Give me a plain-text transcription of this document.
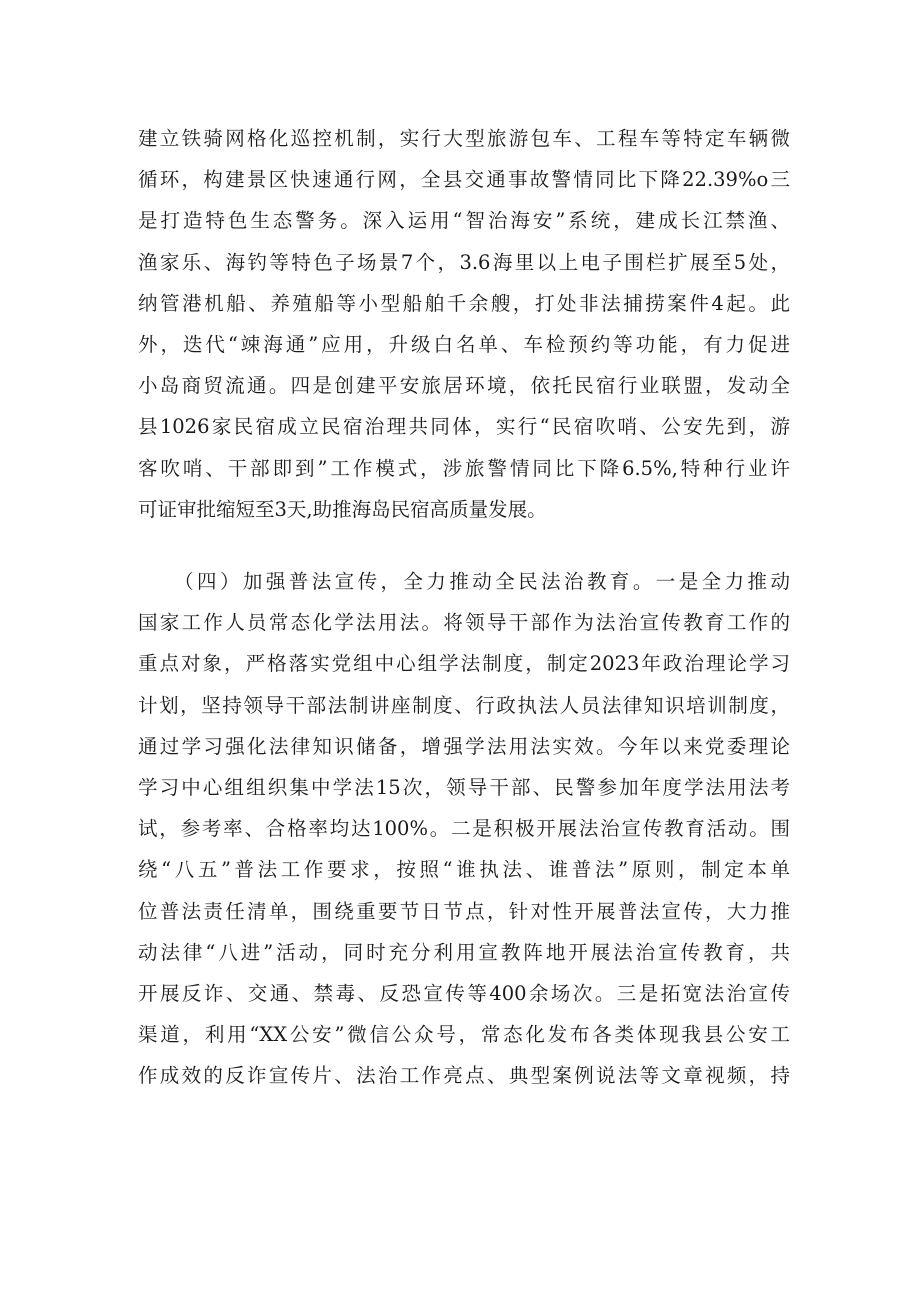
建立铁骑网格化巡控机制，实行大型旅游包车、工程车等特定车辆微
循环，构建景区快速通行网，全县交通事故警情同比下降22.39%o三
是打造特色生态警务。深入运用“智治海安”系统，建成长江禁渔、
渔家乐、海钓等特色子场景7个，3.6海里以上电子围栏扩展至5处，
纳管港机船、养殖船等小型船舶千余艘，打处非法捕捞案件4起。此
外，迭代“竦海通”应用，升级白名单、车检预约等功能，有力促进
小岛商贸流通。四是创建平安旅居环境，依托民宿行业联盟，发动全
县1026家民宿成立民宿治理共同体，实行“民宿吹哨、公安先到，游
客吹哨、干部即到”工作模式，涉旅警情同比下降6.5%,特种行业许
可证审批缩短至3天,助推海岛民宿高质量发展。
　　（四）加强普法宣传，全力推动全民法治教育。一是全力推动
国家工作人员常态化学法用法。将领导干部作为法治宣传教育工作的
重点对象，严格落实党组中心组学法制度，制定2023年政治理论学习
计划，坚持领导干部法制讲座制度、行政执法人员法律知识培训制度，
通过学习强化法律知识储备，增强学法用法实效。今年以来党委理论
学习中心组组织集中学法15次，领导干部、民警参加年度学法用法考
试，参考率、合格率均达100%。二是积极开展法治宣传教育活动。围
绕“八五”普法工作要求，按照“谁执法、谁普法”原则，制定本单
位普法责任清单，围绕重要节日节点，针对性开展普法宣传，大力推
动法律“八进”活动，同时充分利用宣教阵地开展法治宣传教育，共
开展反诈、交通、禁毒、反恐宣传等400余场次。三是拓宽法治宣传
渠道，利用“XX公安”微信公众号，常态化发布各类体现我县公安工
作成效的反诈宣传片、法治工作亮点、典型案例说法等文章视频，持
